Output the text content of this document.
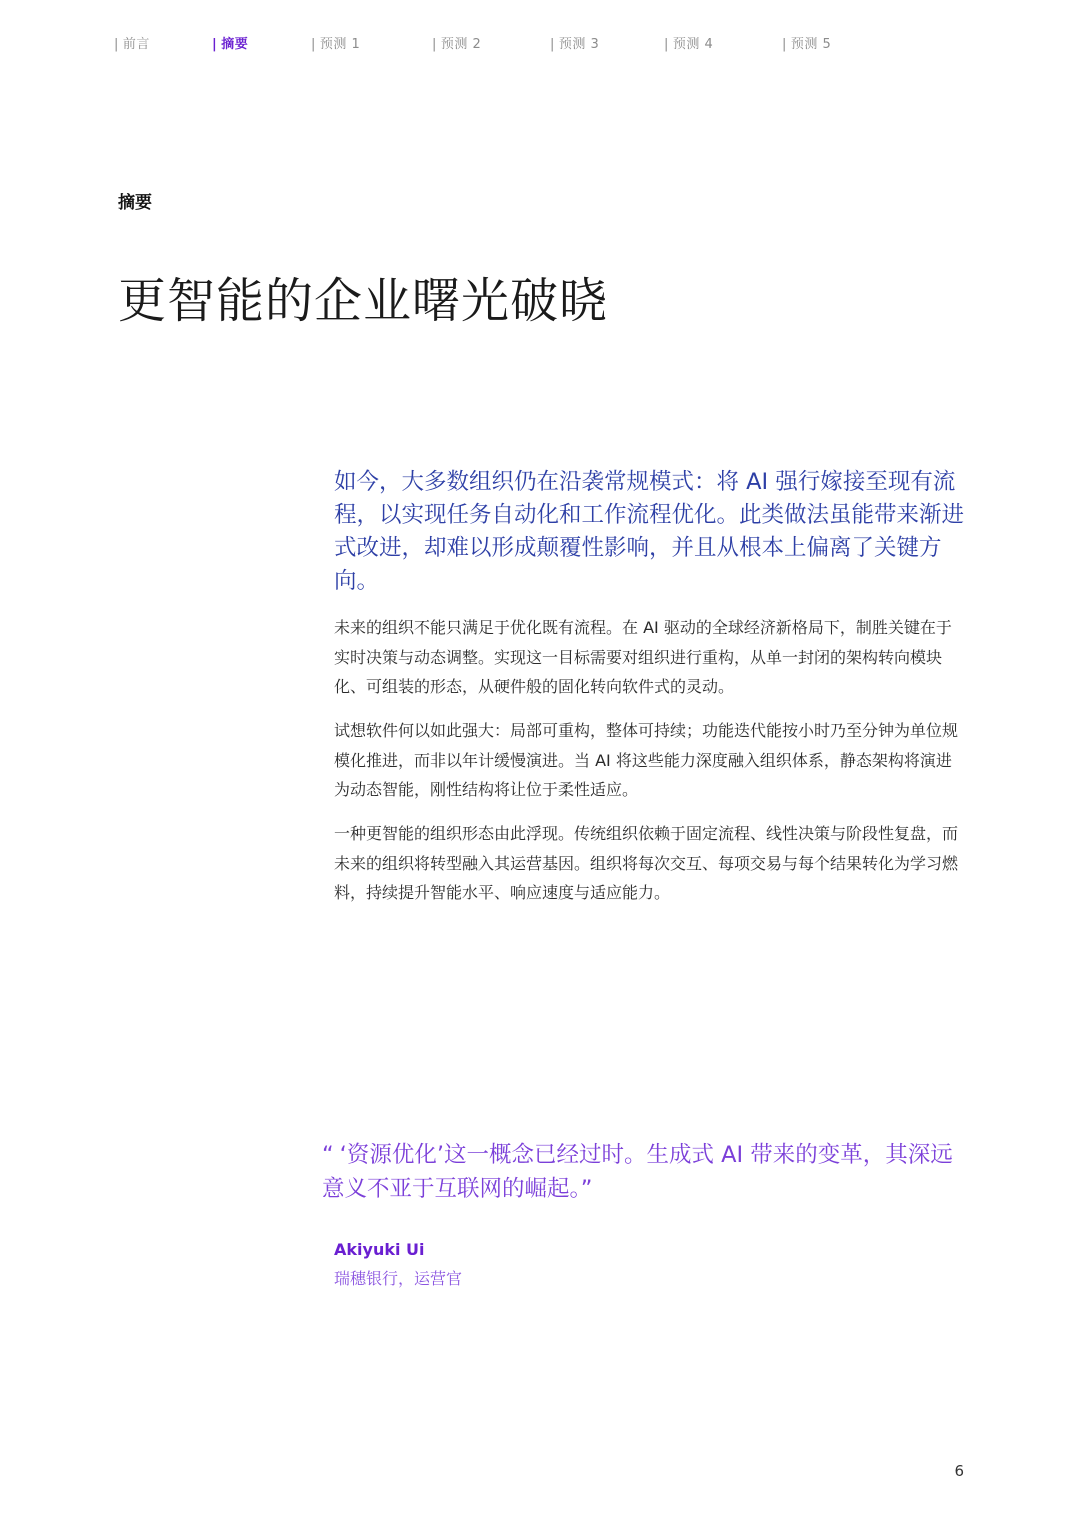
| 前言	| 摘要	| 预测 1	| 预测 2	| 预测 3	| 预测 4	| 预测 5
摘要
更智能的企业曙光破晓

如今，大多数组织仍在沿袭常规模式：将 AI 强行嫁接至现有流程，以实现任务自动化和工作流程优化。此类做法虽能带来渐进式改进，却难以形成颠覆性影响，并且从根本上偏离了关键方向。

未来的组织不能只满足于优化既有流程。在 AI 驱动的全球经济新格局下，制胜关键在于实时决策与动态调整。实现这一目标需要对组织进行重构，从单一封闭的架构转向模块化、可组装的形态，从硬件般的固化转向软件式的灵动。

试想软件何以如此强大：局部可重构，整体可持续；功能迭代能按小时乃至分钟为单位规模化推进，而非以年计缓慢演进。当 AI 将这些能力深度融入组织体系，静态架构将演进为动态智能，刚性结构将让位于柔性适应。

一种更智能的组织形态由此浮现。传统组织依赖于固定流程、线性决策与阶段性复盘，而未来的组织将转型融入其运营基因。组织将每次交互、每项交易与每个结果转化为学习燃料，持续提升智能水平、响应速度与适应能力。

“ ‘资源优化’这一概念已经过时。生成式 AI 带来的变革，其深远意义不亚于互联网的崛起。”
Akiyuki Ui
瑞穗银行，运营官
6
